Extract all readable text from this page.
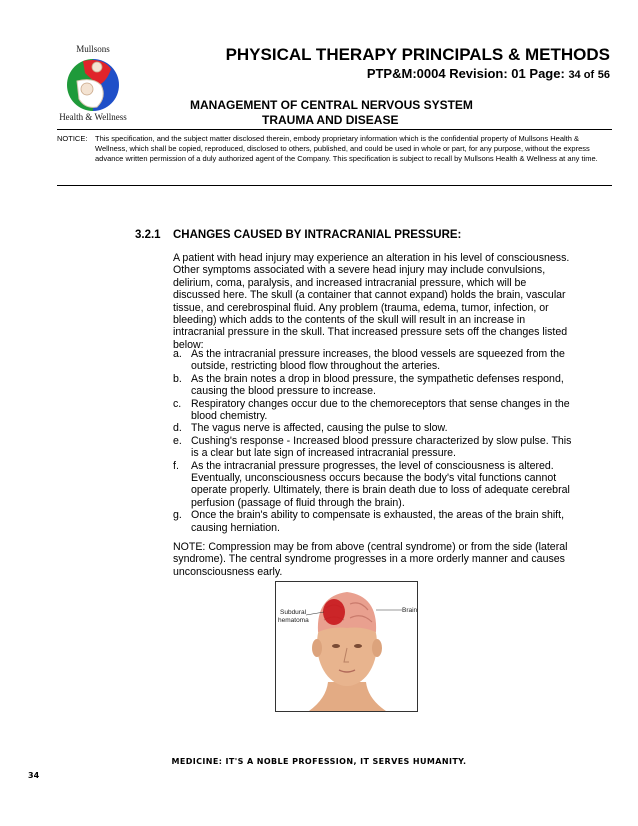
Mullsons
Health & Wellness
PHYSICAL THERAPY PRINCIPALS & METHODS
PTP&M:0004 Revision: 01 Page: 34 of 56
MANAGEMENT OF CENTRAL NERVOUS SYSTEM
TRAUMA AND DISEASE
NOTICE: This specification, and the subject matter disclosed therein, embody proprietary information which is the confidential property of Mullsons Health & Wellness, which shall be copied, reproduced, disclosed to others, published, and could be used in whole or part, for any purpose, without the express advance written permission of a duly authorized agent of the Company. This specification is subject to recall by Mullsons Health & Wellness at any time.
3.2.1 CHANGES CAUSED BY INTRACRANIAL PRESSURE:
A patient with head injury may experience an alteration in his level of consciousness. Other symptoms associated with a severe head injury may include convulsions, delirium, coma, paralysis, and increased intracranial pressure, which will be discussed here. The skull (a container that cannot expand) holds the brain, vascular tissue, and cerebrospinal fluid. Any problem (trauma, edema, tumor, infection, or bleeding) which adds to the contents of the skull will result in an increase in intracranial pressure in the skull. That increased pressure sets off the changes listed below:
a. As the intracranial pressure increases, the blood vessels are squeezed from the outside, restricting blood flow throughout the arteries.
b. As the brain notes a drop in blood pressure, the sympathetic defenses respond, causing the blood pressure to increase.
c. Respiratory changes occur due to the chemoreceptors that sense changes in the blood chemistry.
d. The vagus nerve is affected, causing the pulse to slow.
e. Cushing's response - Increased blood pressure characterized by slow pulse. This is a clear but late sign of increased intracranial pressure.
f. As the intracranial pressure progresses, the level of consciousness is altered. Eventually, unconsciousness occurs because the body's vital functions cannot operate properly. Ultimately, there is brain death due to loss of adequate cerebral perfusion (passage of fluid through the brain).
g. Once the brain's ability to compensate is exhausted, the areas of the brain shift, causing herniation.
NOTE: Compression may be from above (central syndrome) or from the side (lateral syndrome). The central syndrome progresses in a more orderly manner and causes unconsciousness early.
Subdural
hematoma
Brain
MEDICINE: IT'S A NOBLE PROFESSION, IT SERVES HUMANITY.
34
